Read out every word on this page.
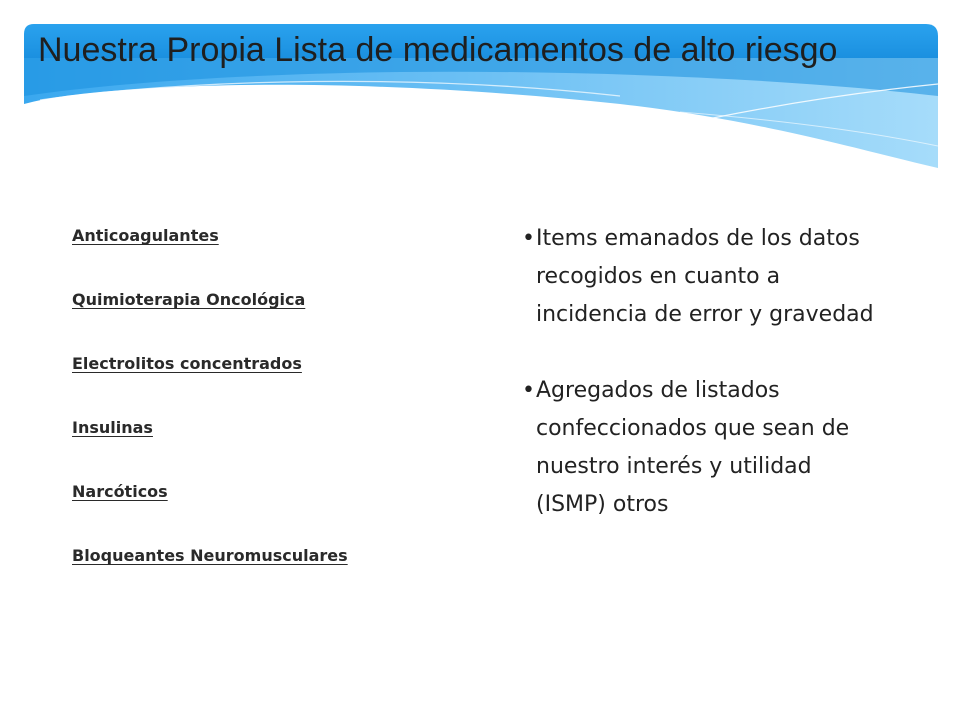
Nuestra Propia Lista de medicamentos de alto riesgo
Anticoagulantes
Quimioterapia Oncológica
Electrolitos concentrados
Insulinas
Narcóticos
Bloqueantes Neuromusculares
• Items emanados de los datos recogidos en cuanto a incidencia de error y gravedad
• Agregados de listados confeccionados que sean de nuestro interés y utilidad (ISMP) otros
